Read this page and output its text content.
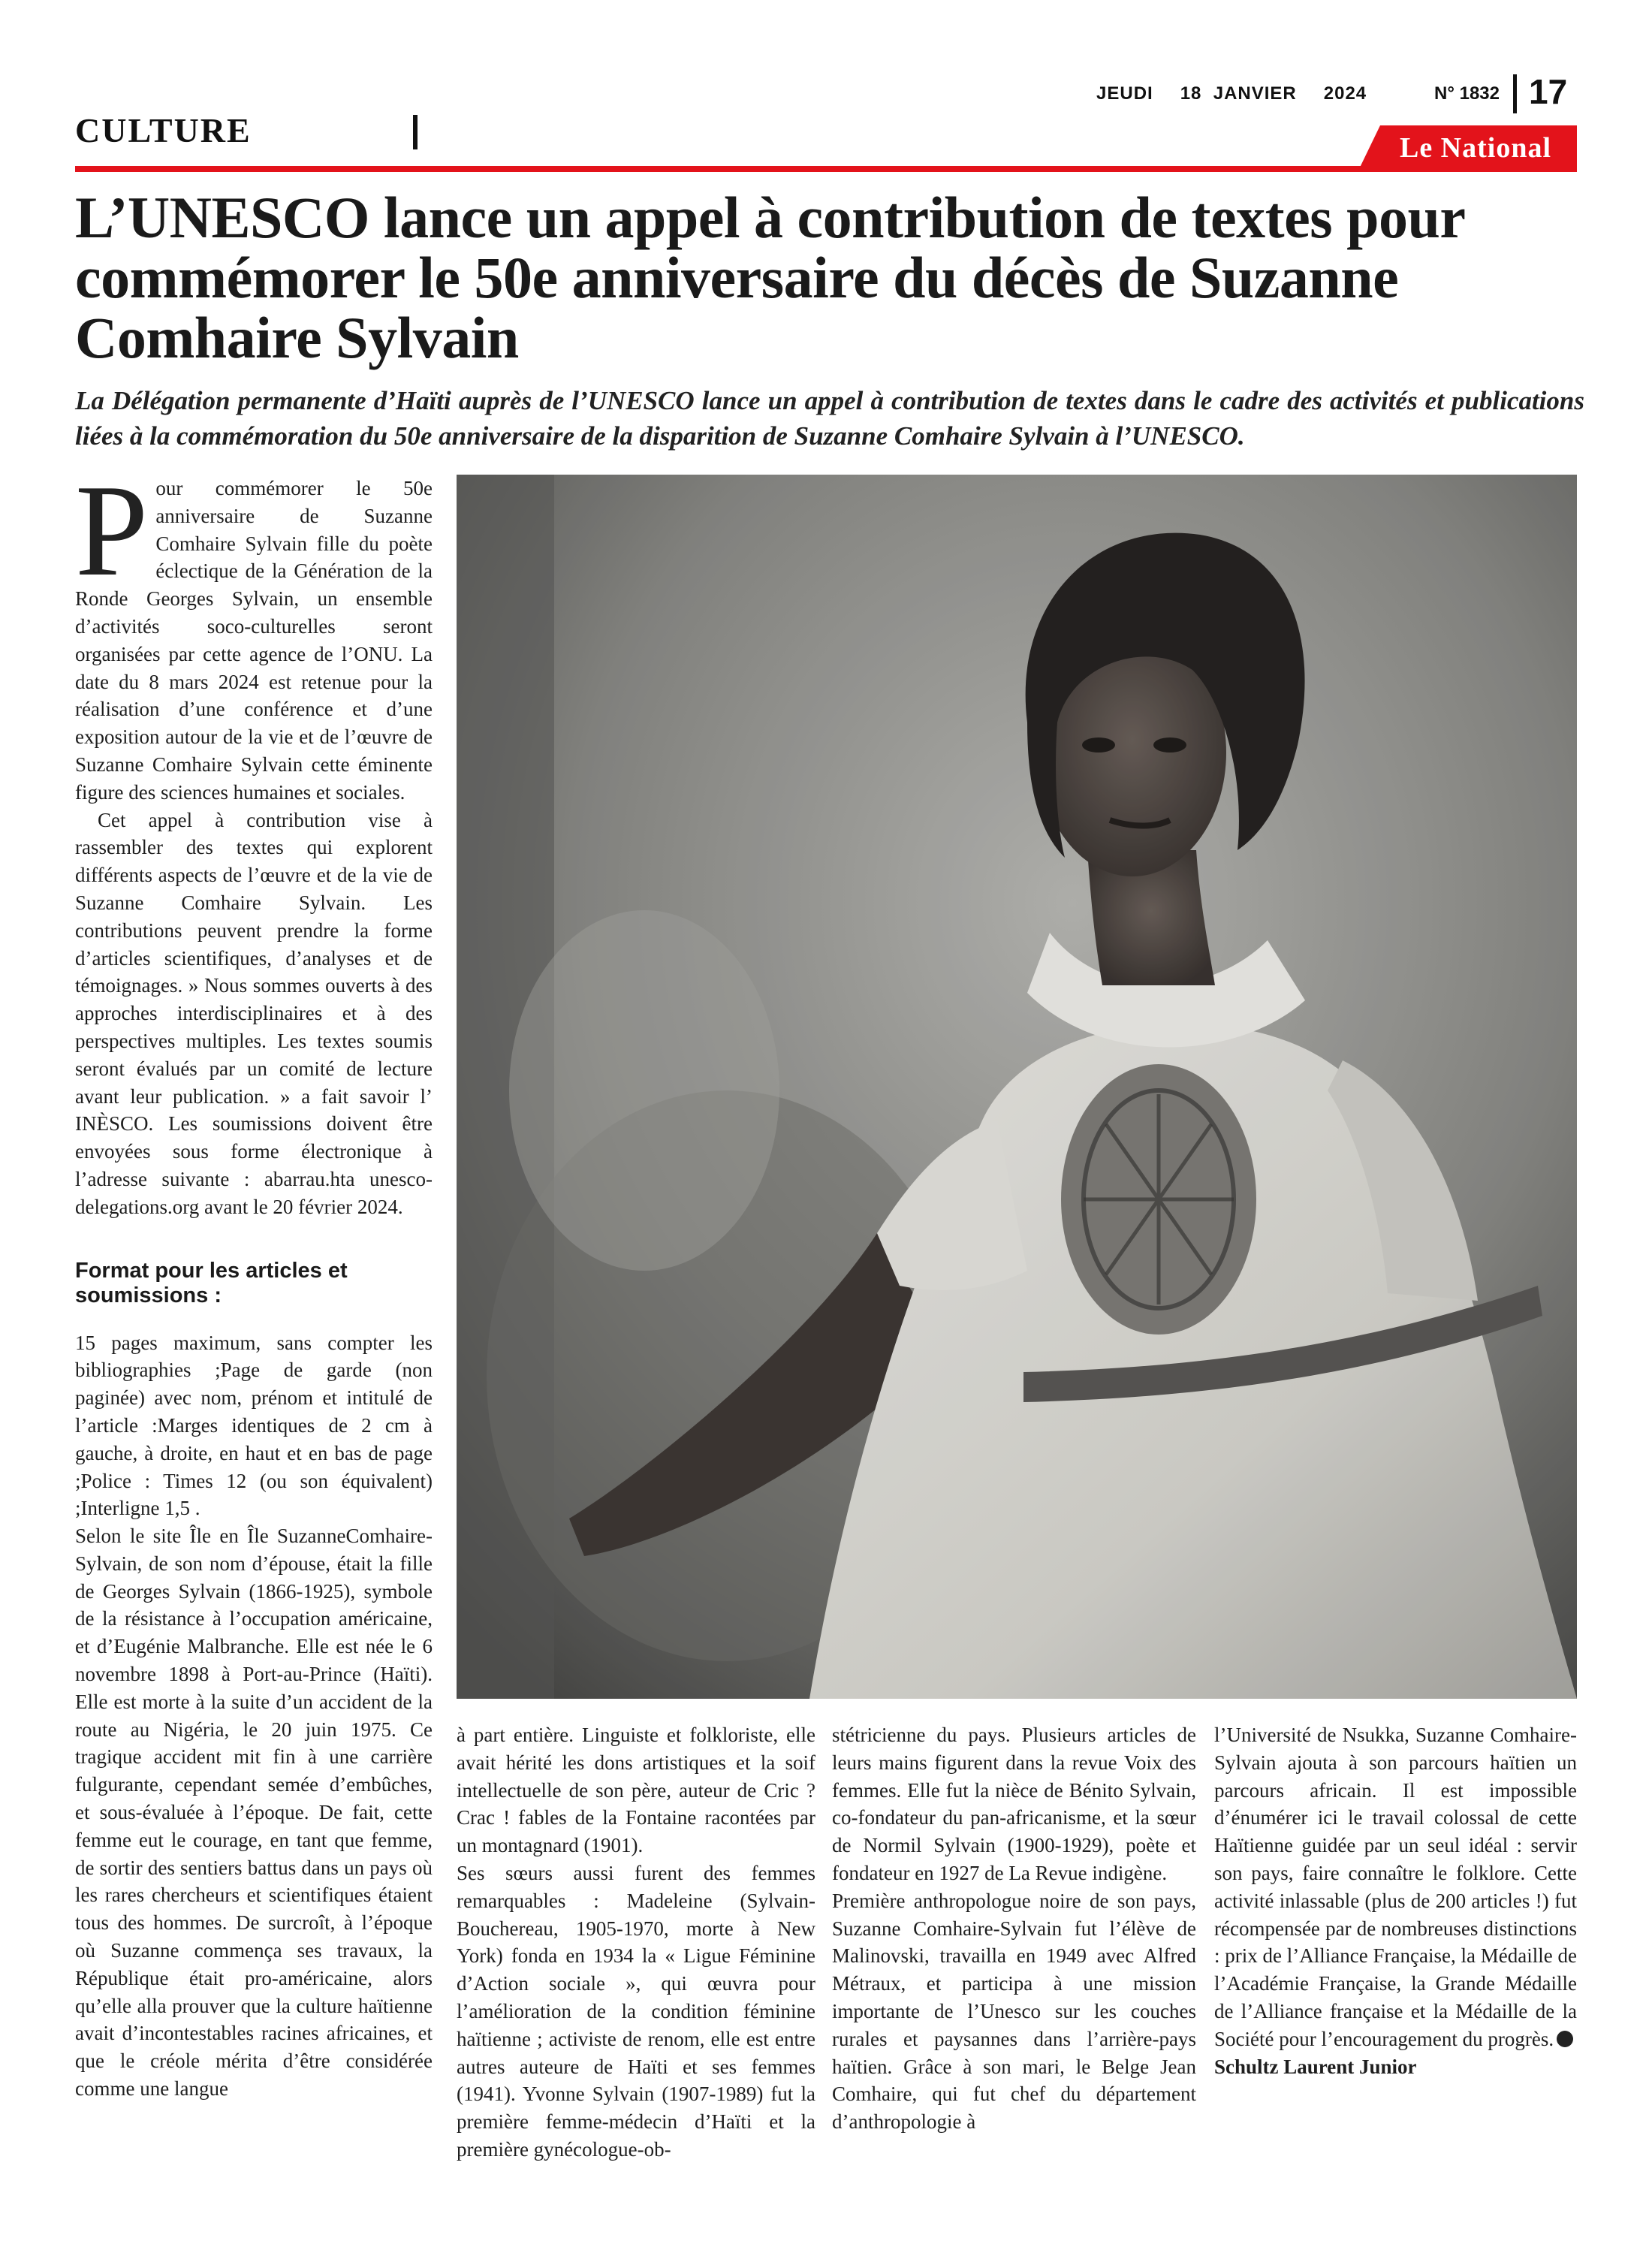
CULTURE
JEUDI 18  JANVIER 2024	N° 1832 17
Le National
L’UNESCO lance un appel à contribution de textes pour commémorer le 50e anniversaire du décès de Suzanne Comhaire Sylvain

La Délégation permanente d’Haïti auprès de l’UNESCO lance un appel à contribution de textes dans le cadre des activités et publications liées à la commémoration du 50e anniversaire de la disparition de Suzanne Comhaire Sylvain à l’UNESCO.

Pour commémorer le 50e anniversaire de Suzanne Comhaire Sylvain fille du poète éclectique de la Génération de la Ronde Georges Sylvain, un ensemble d’activités soco-culturelles seront organisées par cette agence de l’ONU. La date du 8 mars 2024 est retenue pour la réalisation d’une conférence et d’une exposition autour de la vie et de l’œuvre de Suzanne Comhaire Sylvain cette éminente figure des sciences humaines et sociales.

Cet appel à contribution vise à rassembler des textes qui explorent différents aspects de l’œuvre et de la vie de Suzanne Comhaire Sylvain. Les contributions peuvent prendre la forme d’articles scientifiques, d’analyses et de témoignages. » Nous sommes ouverts à des approches interdisciplinaires et à des perspectives multiples. Les textes soumis seront évalués par un comité de lecture avant leur publication. » a fait savoir l’ INÈSCO. Les soumissions doivent être envoyées sous forme électronique à l’adresse suivante : abarrau.hta unesco-delegations.org avant le 20 février 2024.

Format pour les articles et soumissions :

15 pages maximum, sans compter les bibliographies ;Page de garde (non paginée) avec nom, prénom et intitulé de l’article :Marges identiques de 2 cm à gauche, à droite, en haut et en bas de page ;Police : Times 12 (ou son équivalent) ;Interligne 1,5 .

Selon le site Île en Île SuzanneComhaire-Sylvain, de son nom d’épouse, était la fille de Georges Sylvain (1866-1925), symbole de la résistance à l’occupation américaine, et d’Eugénie Malbranche. Elle est née le 6 novembre 1898 à Port-au-Prince (Haïti). Elle est morte à la suite d’un accident de la route au Nigéria, le 20 juin 1975. Ce tragique accident mit fin à une carrière fulgurante, cependant semée d’embûches, et sous-évaluée à l’époque. De fait, cette femme eut le courage, en tant que femme, de sortir des sentiers battus dans un pays où les rares chercheurs et scientifiques étaient tous des hommes. De surcroît, à l’époque où Suzanne commença ses travaux, la République était pro-américaine, alors qu’elle alla prouver que la culture haïtienne avait d’incontestables racines africaines, et que le créole mérita d’être considérée comme une langue

à part entière. Linguiste et folkloriste, elle avait hérité les dons artistiques et la soif intellectuelle de son père, auteur de Cric ? Crac ! fables de la Fontaine racontées par un montagnard (1901).

Ses sœurs aussi furent des femmes remarquables : Madeleine (Sylvain-Bouchereau, 1905-1970, morte à New York) fonda en 1934 la « Ligue Féminine d’Action sociale », qui œuvra pour l’amélioration de la condition féminine haïtienne ; activiste de renom, elle est entre autres auteure de Haïti et ses femmes (1941). Yvonne Sylvain (1907-1989) fut la première femme-médecin d’Haïti et la première gynécologue-ob-

stétricienne du pays. Plusieurs articles de leurs mains figurent dans la revue Voix des femmes. Elle fut la nièce de Bénito Sylvain, co-fondateur du pan-africanisme, et la sœur de Normil Sylvain (1900-1929), poète et fondateur en 1927 de La Revue indigène.

Première anthropologue noire de son pays, Suzanne Comhaire-Sylvain fut l’élève de Malinovski, travailla en 1949 avec Alfred Métraux, et participa à une mission importante de l’Unesco sur les couches rurales et paysannes dans l’arrière-pays haïtien. Grâce à son mari, le Belge Jean Comhaire, qui fut chef du département d’anthropologie à

l’Université de Nsukka, Suzanne Comhaire-Sylvain ajouta à son parcours haïtien un parcours africain. Il est impossible d’énumérer ici le travail colossal de cette Haïtienne guidée par un seul idéal : servir son pays, faire connaître le folklore. Cette activité inlassable (plus de 200 articles !) fut récompensée par de nombreuses distinctions : prix de l’Alliance Française, la Médaille de l’Académie Française, la Grande Médaille de l’Alliance française et la Médaille de la Société pour l’encouragement du progrès.

Schultz Laurent Junior
